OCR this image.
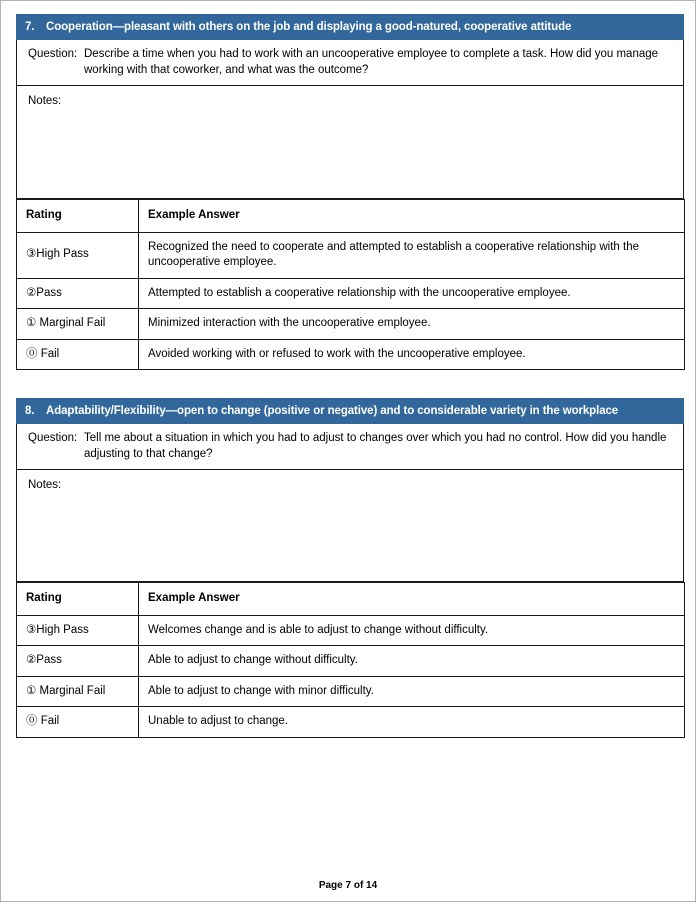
7.	Cooperation—pleasant with others on the job and displaying a good-natured, cooperative attitude
Question: Describe a time when you had to work with an uncooperative employee to complete a task. How did you manage working with that coworker, and what was the outcome?
Notes:
Rating	Example Answer
③High Pass	Recognized the need to cooperate and attempted to establish a cooperative relationship with the uncooperative employee.
②Pass	Attempted to establish a cooperative relationship with the uncooperative employee.
① Marginal Fail	Minimized interaction with the uncooperative employee.
⓪ Fail	Avoided working with or refused to work with the uncooperative employee.
8.	Adaptability/Flexibility—open to change (positive or negative) and to considerable variety in the workplace
Question: Tell me about a situation in which you had to adjust to changes over which you had no control. How did you handle adjusting to that change?
Notes:
Rating	Example Answer
③High Pass	Welcomes change and is able to adjust to change without difficulty.
②Pass	Able to adjust to change without difficulty.
① Marginal Fail	Able to adjust to change with minor difficulty.
⓪ Fail	Unable to adjust to change.
Page 7 of 14
